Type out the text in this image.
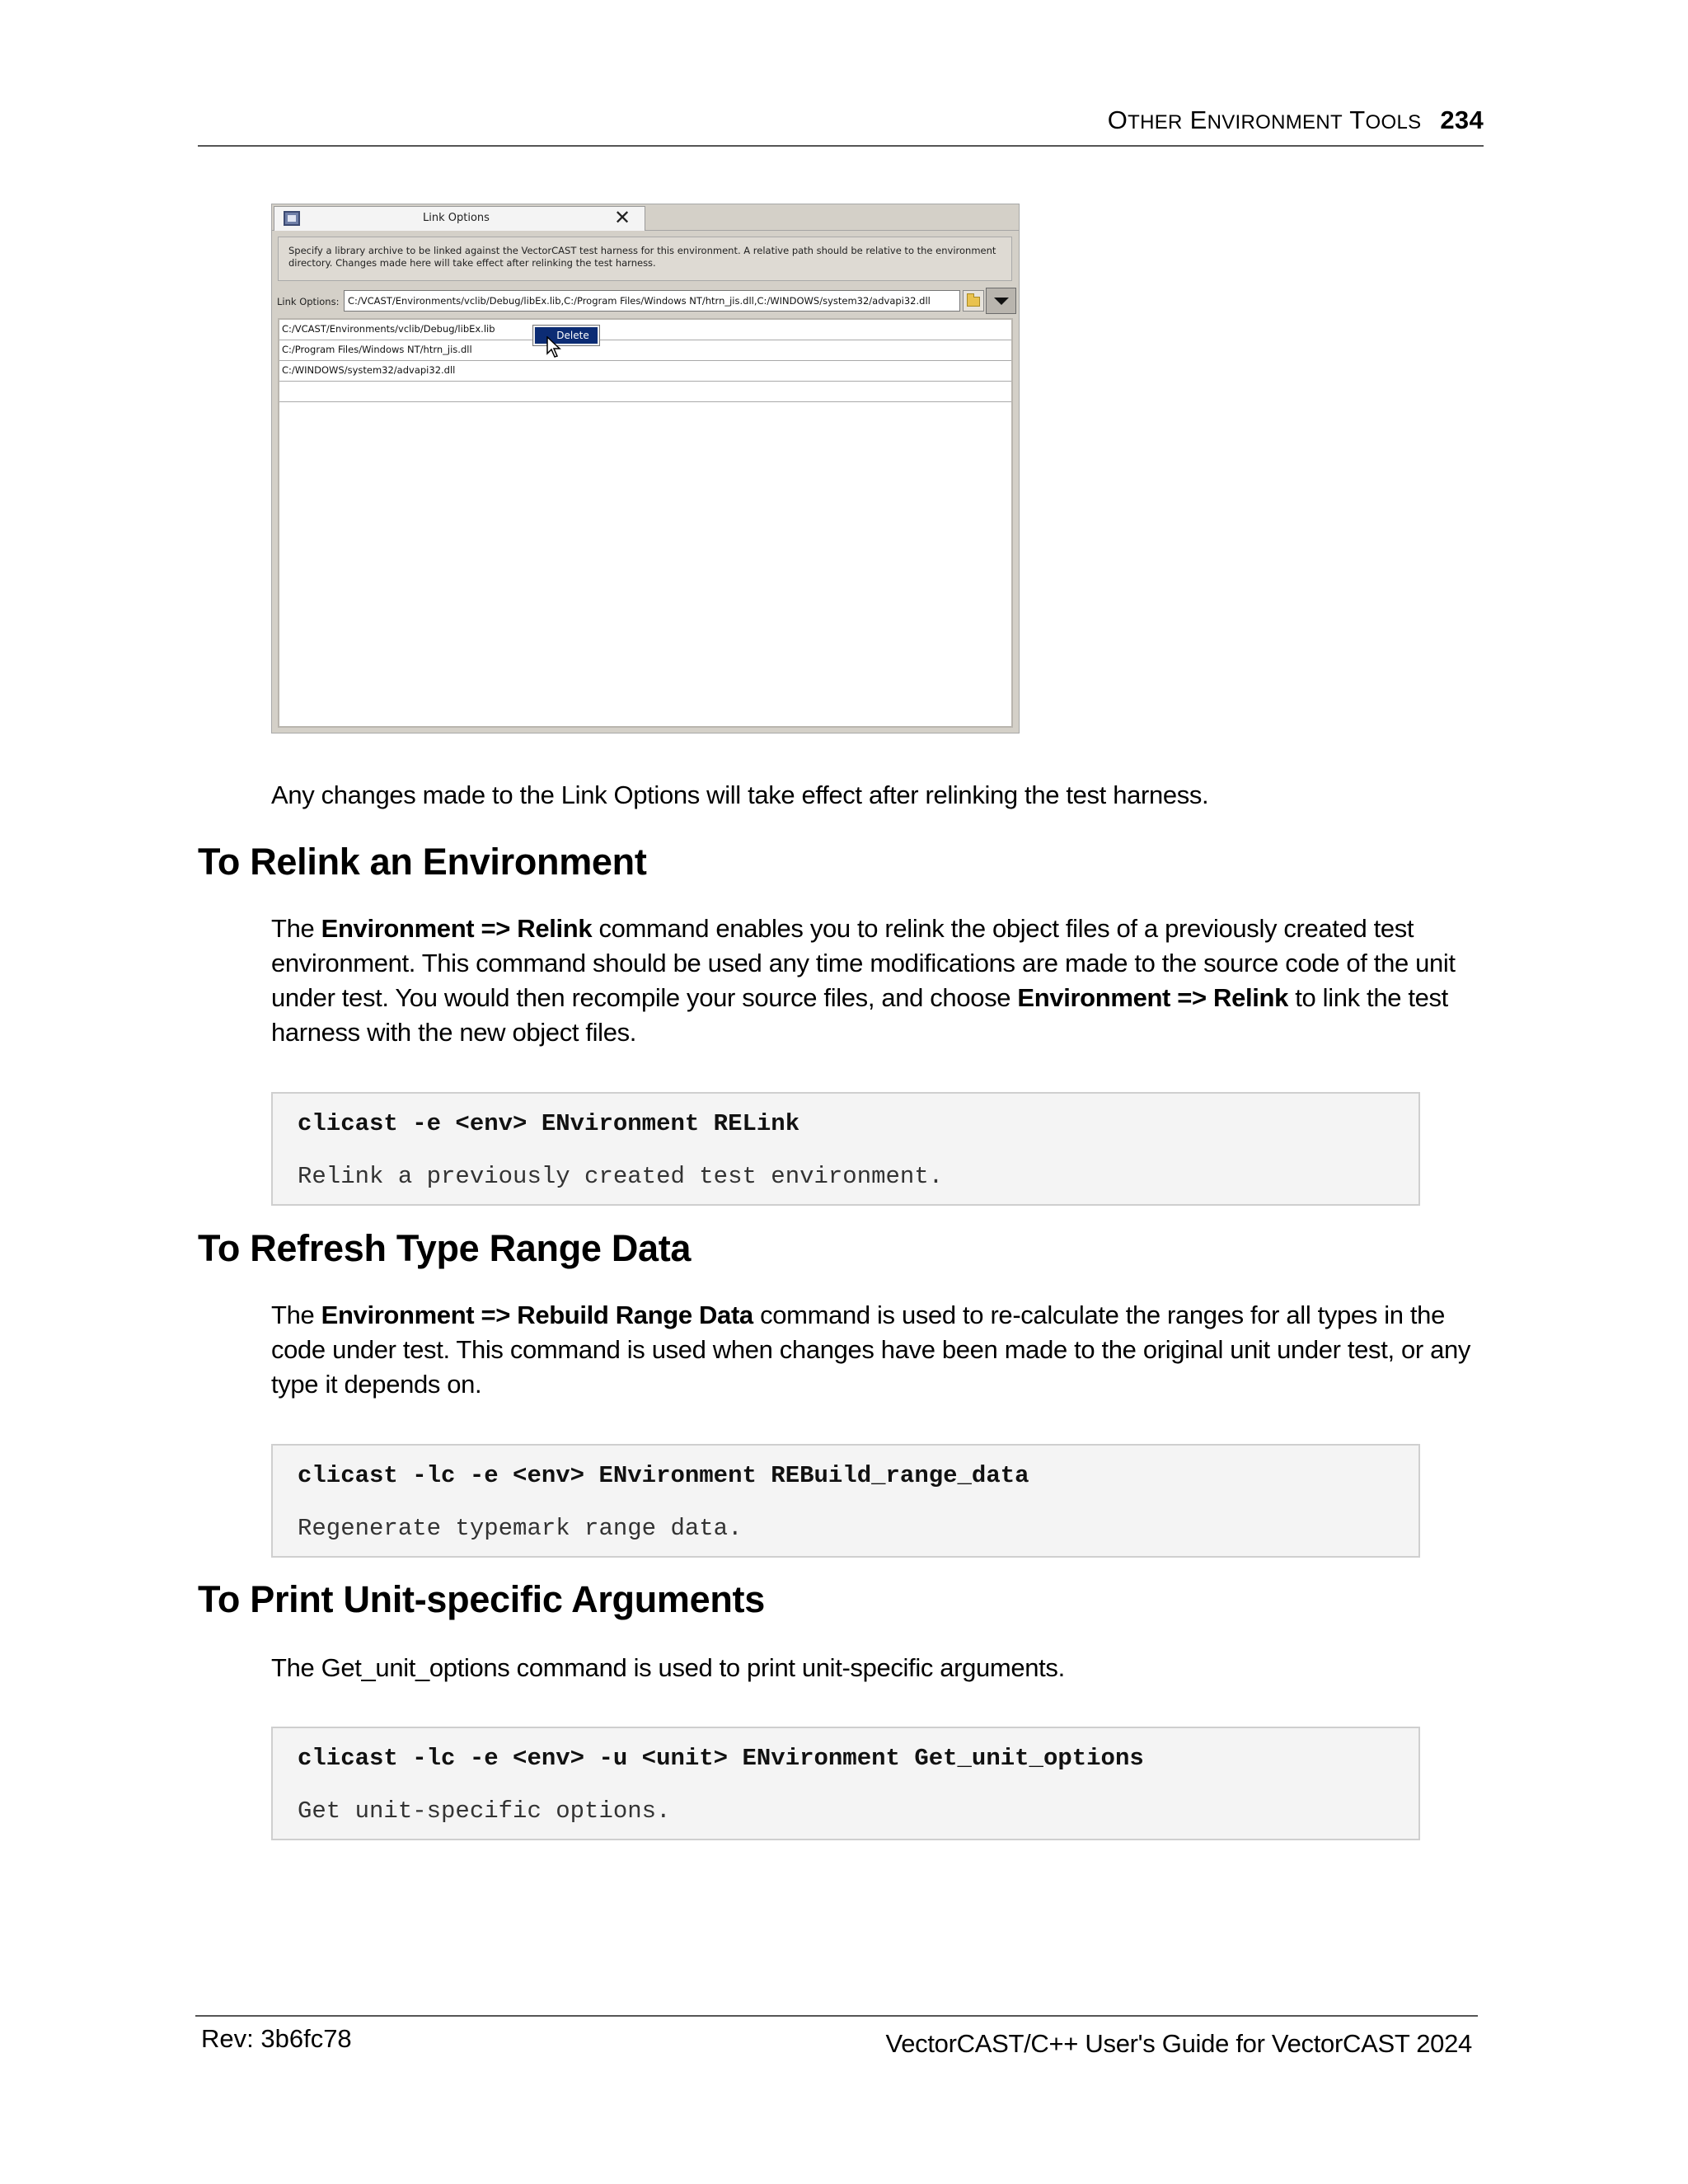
OTHER ENVIRONMENT TOOLS 234
Link Options	✕
Specify a library archive to be linked against the VectorCAST test harness for this environment. A relative path should be relative to the environment directory. Changes made here will take effect after relinking the test harness.
Link Options: C:/VCAST/Environments/vclib/Debug/libEx.lib,C:/Program Files/Windows NT/htrn_jis.dll,C:/WINDOWS/system32/advapi32.dll
C:/VCAST/Environments/vclib/Debug/libEx.lib
C:/Program Files/Windows NT/htrn_jis.dll
C:/WINDOWS/system32/advapi32.dll
Delete

Any changes made to the Link Options will take effect after relinking the test harness.

To Relink an Environment

The Environment => Relink command enables you to relink the object files of a previously created test environment. This command should be used any time modifications are made to the source code of the unit under test. You would then recompile your source files, and choose Environment => Relink to link the test harness with the new object files.

clicast -e <env> ENvironment RELink
Relink a previously created test environment.
To Refresh Type Range Data

The Environment => Rebuild Range Data command is used to re-calculate the ranges for all types in the code under test. This command is used when changes have been made to the original unit under test, or any type it depends on.

clicast -lc -e <env> ENvironment REBuild_range_data
Regenerate typemark range data.
To Print Unit-specific Arguments

The Get_unit_options command is used to print unit-specific arguments.

clicast -lc -e <env> -u <unit> ENvironment Get_unit_options
Get unit-specific options.
Rev: 3b6fc78	VectorCAST/C++ User's Guide for VectorCAST 2024
